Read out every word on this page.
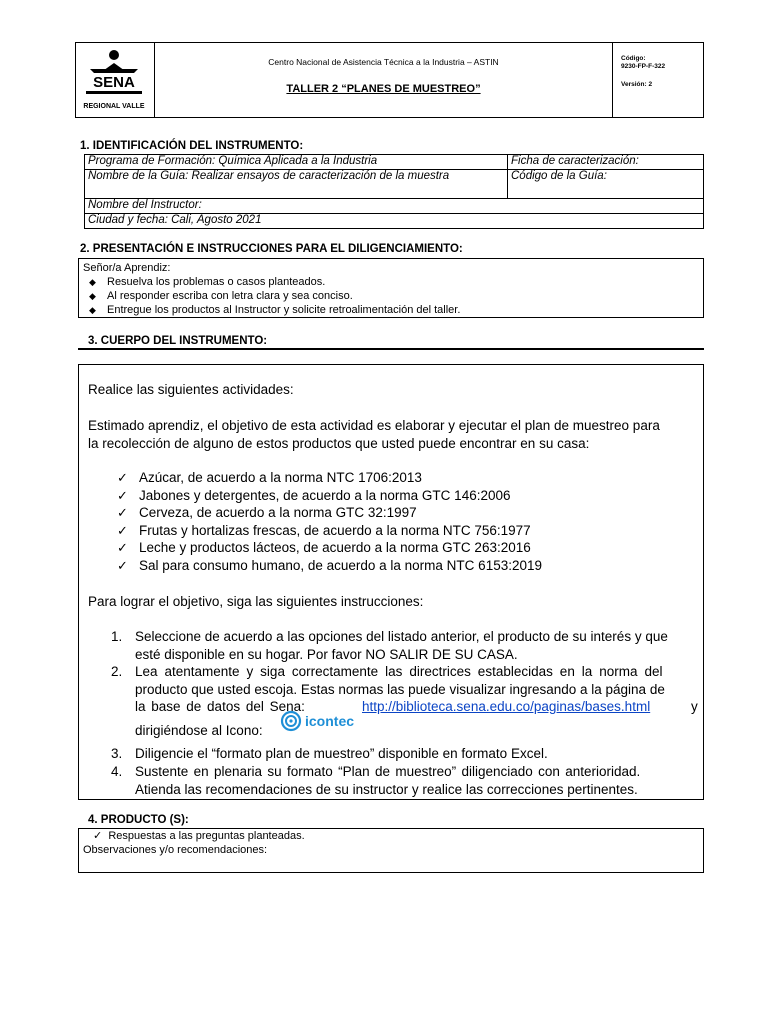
SENA
REGIONAL VALLE
Centro Nacional de Asistencia Técnica a la Industria – ASTIN
TALLER 2 “PLANES DE MUESTREO”
Código:
9230-FP-F-322
Versión: 2
1. IDENTIFICACIÓN DEL INSTRUMENTO:
Programa de Formación: Química Aplicada a la Industria	Ficha de caracterización:
Nombre de la Guía: Realizar ensayos de caracterización de la muestra	Código de la Guía:
Nombre del Instructor:	
Ciudad y fecha: Cali, Agosto 2021	
2. PRESENTACIÓN E INSTRUCCIONES PARA EL DILIGENCIAMIENTO:
Señor/a Aprendiz:
◆ Resuelva los problemas o casos planteados.
◆ Al responder escriba con letra clara y sea conciso.
◆ Entregue los productos al Instructor y solicite retroalimentación del taller.
3. CUERPO DEL INSTRUMENTO:
Realice las siguientes actividades:
Estimado aprendiz, el objetivo de esta actividad es elaborar y ejecutar el plan de muestreo para
la recolección de alguno de estos productos que usted puede encontrar en su casa:
✓ Azúcar, de acuerdo a la norma NTC 1706:2013
✓ Jabones y detergentes, de acuerdo a la norma GTC 146:2006
✓ Cerveza, de acuerdo a la norma GTC 32:1997
✓ Frutas y hortalizas frescas, de acuerdo a la norma NTC 756:1977
✓ Leche y productos lácteos, de acuerdo a la norma GTC 263:2016
✓ Sal para consumo humano, de acuerdo a la norma NTC 6153:2019
Para lograr el objetivo, siga las siguientes instrucciones:
1. Seleccione de acuerdo a las opciones del listado anterior, el producto de su interés y que
esté disponible en su hogar. Por favor NO SALIR DE SU CASA.
2. Lea atentamente y siga correctamente las directrices establecidas en la norma del
producto que usted escoja. Estas normas las puede visualizar ingresando a la página de
la base de datos del Sena:	http://biblioteca.sena.edu.co/paginas/bases.html	y
dirigiéndose al Icono:
icontec
3. Diligencie el “formato plan de muestreo” disponible en formato Excel.
4. Sustente en plenaria su formato “Plan de muestreo” diligenciado con anterioridad.
Atienda las recomendaciones de su instructor y realice las correcciones pertinentes.
4. PRODUCTO (S):
✓ Respuestas a las preguntas planteadas.
Observaciones y/o recomendaciones:
